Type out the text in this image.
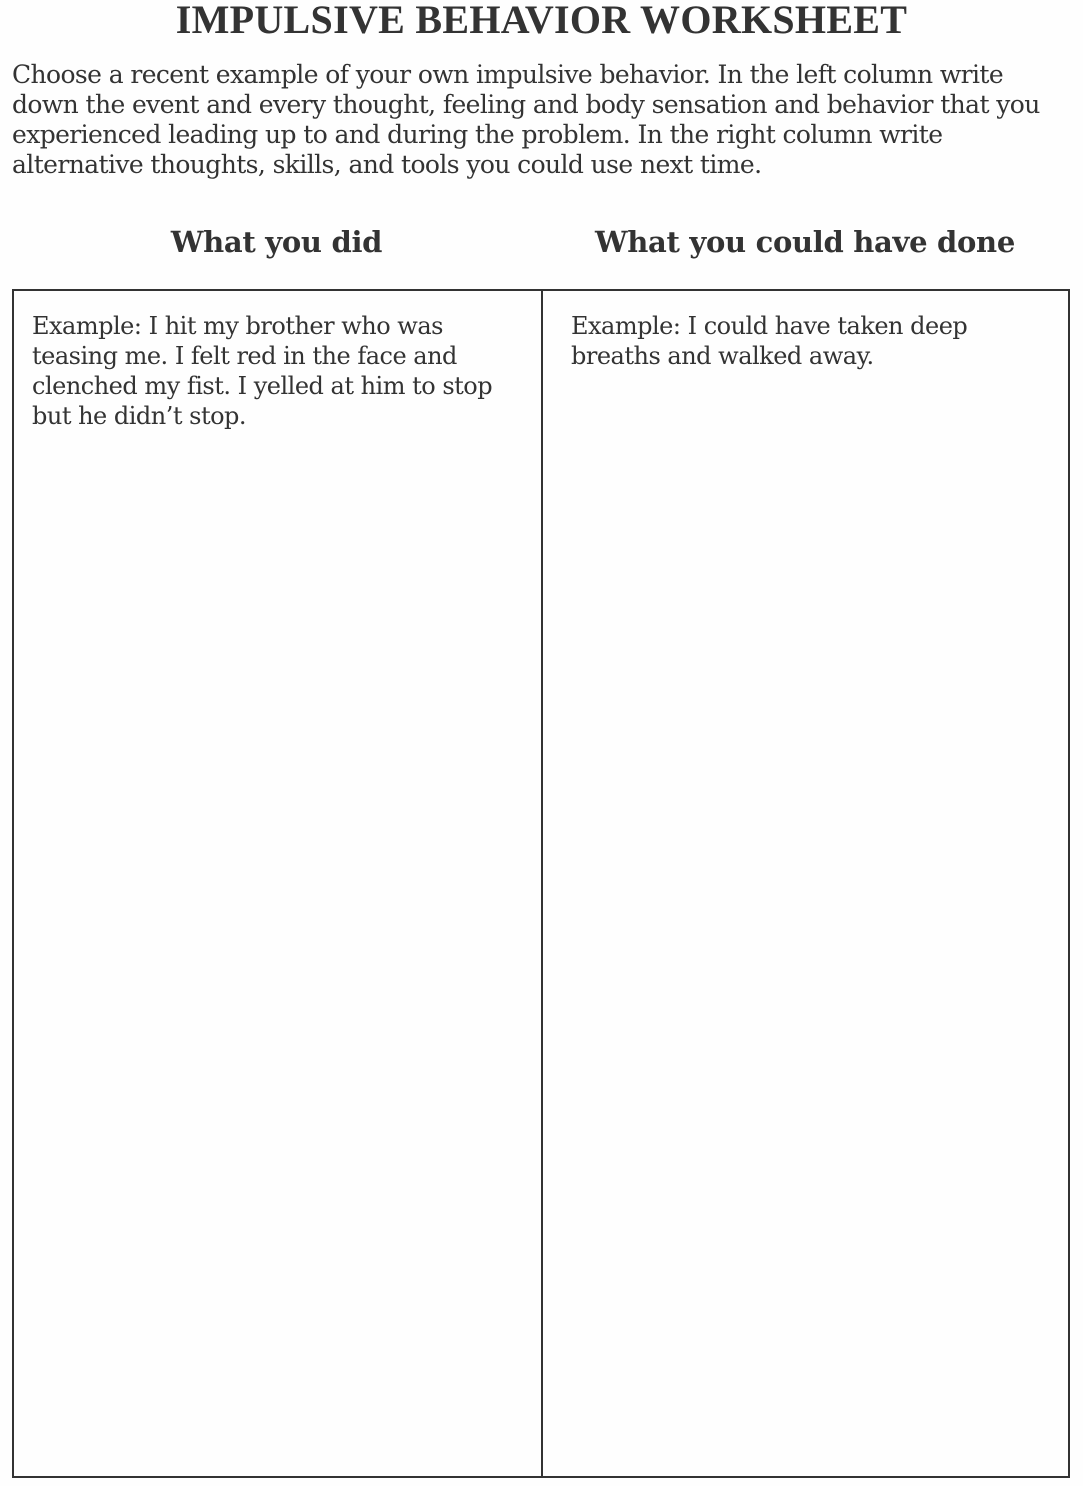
IMPULSIVE BEHAVIOR WORKSHEET
Choose a recent example of your own impulsive behavior. In the left column write down the event and every thought, feeling and body sensation and behavior that you experienced leading up to and during the problem. In the right column write alternative thoughts, skills, and tools you could use next time.
What you did	What you could have done
Example: I hit my brother who was teasing me. I felt red in the face and clenched my fist. I yelled at him to stop but he didn’t stop.
Example: I could have taken deep breaths and walked away.
